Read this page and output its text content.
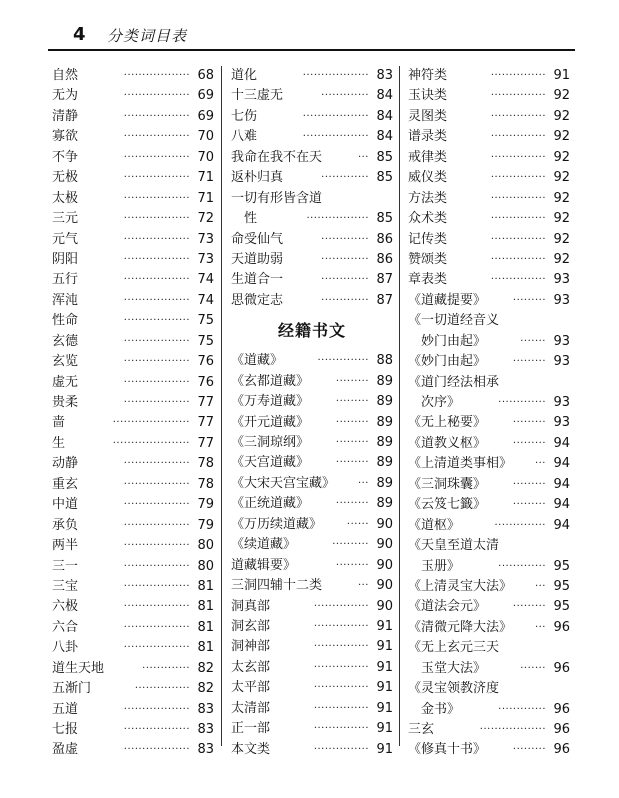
4 分类词目表
自然	·················· 68
无为	·················· 69
清静	·················· 69
寡欲	·················· 70
不争	·················· 70
无极	·················· 71
太极	·················· 71
三元	·················· 72
元气	·················· 73
阴阳	·················· 73
五行	·················· 74
浑沌	·················· 74
性命	·················· 75
玄德	·················· 75
玄览	·················· 76
虚无	·················· 76
贵柔	·················· 77
啬	····················· 77
生	····················· 77
动静	·················· 78
重玄	·················· 78
中道	·················· 79
承负	·················· 79
两半	·················· 80
三一	·················· 80
三宝	·················· 81
六极	·················· 81
六合	·················· 81
八卦	·················· 81
道生天地	············· 82
五渐门	··············· 82
五道	·················· 83
七报	·················· 83
盈虚	·················· 83
道化	·················· 83
十三虚无	············· 84
七伤	·················· 84
八难	·················· 84
我命在我不在天	··· 85
返朴归真	············· 85
一切有形皆含道
　性	················· 85
命受仙气	············· 86
天道助弱	············· 86
生道合一	············· 87
思微定志	············· 87
经籍书文
《道藏》	·············· 88
《玄都道藏》	········· 89
《万寿道藏》	········· 89
《开元道藏》	········· 89
《三洞琼纲》	········· 89
《天宫道藏》	········· 89
《大宋天宫宝藏》 ··· 89
《正统道藏》	········· 89
《万历续道藏》 ······ 90
《续道藏》	·········· 90
道藏辑要》	········· 90
三洞四辅十二类	··· 90
洞真部	··············· 90
洞玄部	··············· 91
洞神部	··············· 91
太玄部	··············· 91
太平部	··············· 91
太清部	··············· 91
正一部	··············· 91
本文类	··············· 91
神符类	··············· 91
玉诀类	··············· 92
灵图类	··············· 92
谱录类	··············· 92
戒律类	··············· 92
威仪类	··············· 92
方法类	··············· 92
众术类	··············· 92
记传类	··············· 92
赞颂类	··············· 92
章表类	··············· 93
《道藏提要》	········· 93
《一切道经音义
　妙门由起》	······· 93
《妙门由起》	········· 93
《道门经法相承
　次序》	············· 93
《无上秘要》	········· 93
《道教义枢》	········· 94
《上清道类事相》 ··· 94
《三洞珠囊》	········· 94
《云笈七籤》	········· 94
《道枢》	·············· 94
《天皇至道太清
　玉册》	············· 95
《上清灵宝大法》 ··· 95
《道法会元》	········· 95
《清微元降大法》 ··· 96
《无上玄元三天
　玉堂大法》	······· 96
《灵宝领教济度
　金书》	············· 96
三玄	·················· 96
《修真十书》	········· 96
